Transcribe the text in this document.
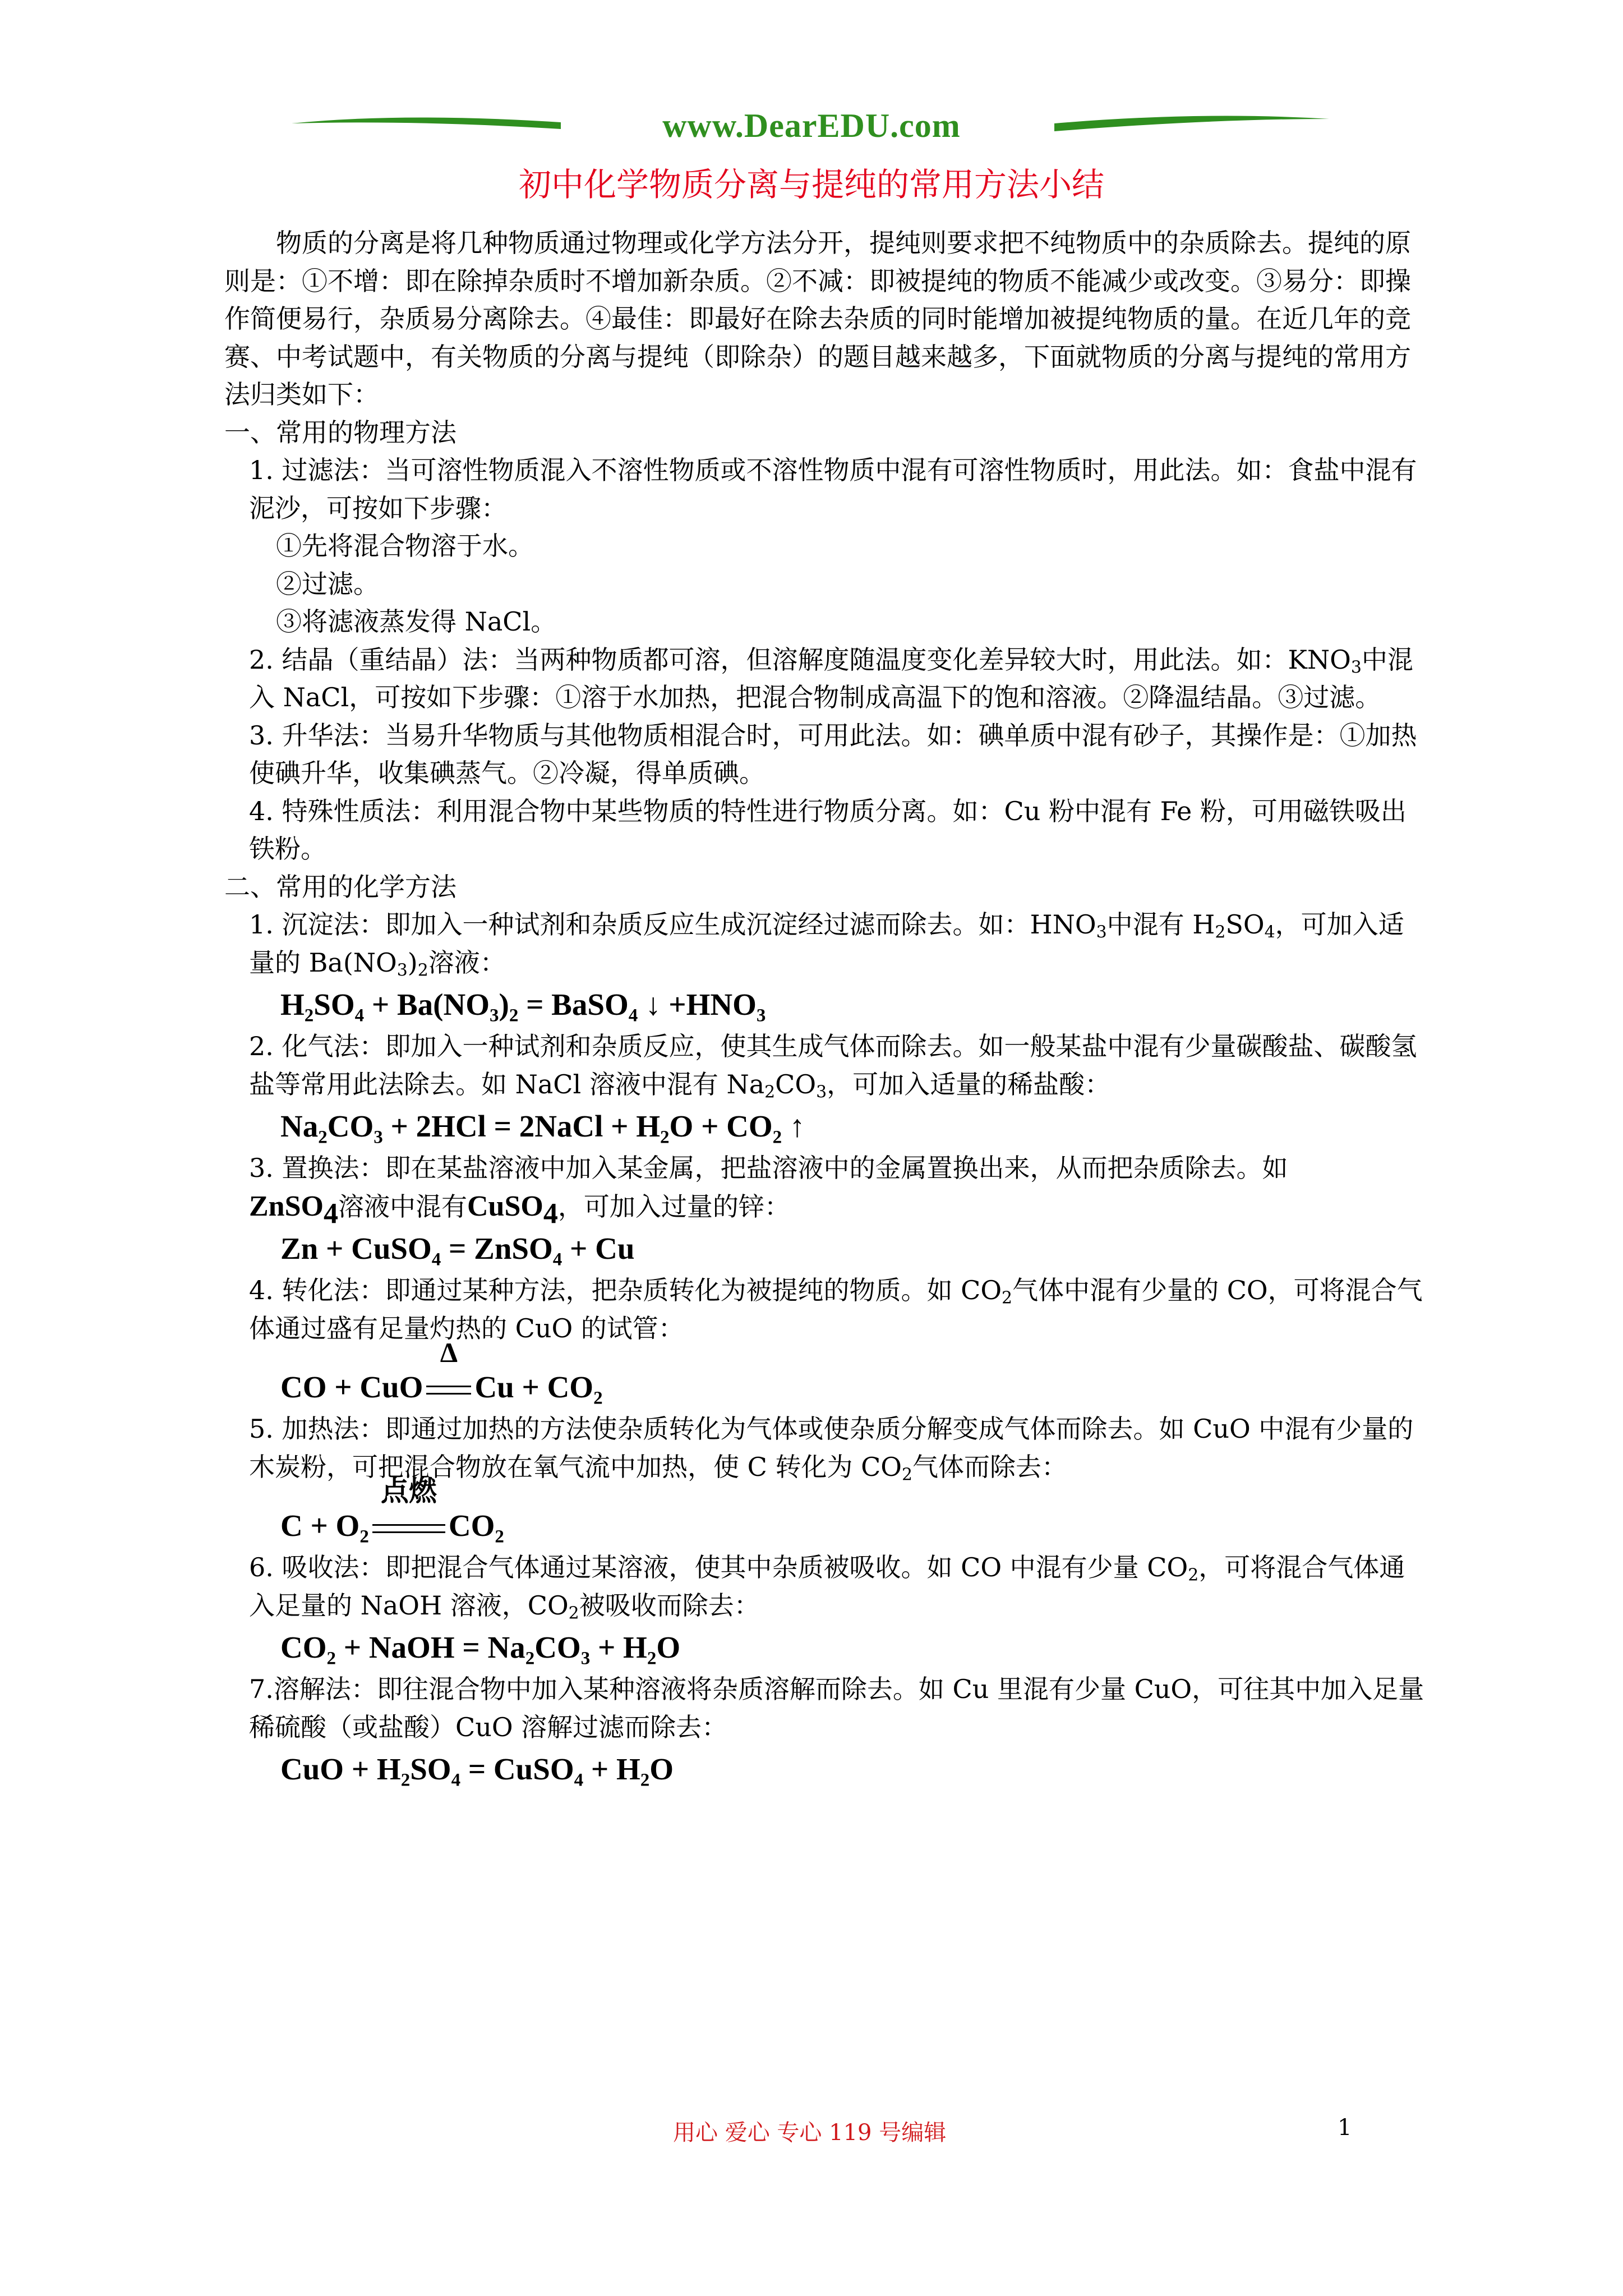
www.DearEDU.com
初中化学物质分离与提纯的常用方法小结

物质的分离是将几种物质通过物理或化学方法分开，提纯则要求把不纯物质中的杂质除去。提纯的原则是：①不增：即在除掉杂质时不增加新杂质。②不减：即被提纯的物质不能减少或改变。③易分：即操作简便易行，杂质易分离除去。④最佳：即最好在除去杂质的同时能增加被提纯物质的量。在近几年的竞赛、中考试题中，有关物质的分离与提纯（即除杂）的题目越来越多，下面就物质的分离与提纯的常用方法归类如下：

一、常用的物理方法

1. 过滤法：当可溶性物质混入不溶性物质或不溶性物质中混有可溶性物质时，用此法。如：食盐中混有泥沙，可按如下步骤：

①先将混合物溶于水。

②过滤。

③将滤液蒸发得 NaCl。

2. 结晶（重结晶）法：当两种物质都可溶，但溶解度随温度变化差异较大时，用此法。如：$KNO_3$中混入 NaCl，可按如下步骤：①溶于水加热，把混合物制成高温下的饱和溶液。②降温结晶。③过滤。

3. 升华法：当易升华物质与其他物质相混合时，可用此法。如：碘单质中混有砂子，其操作是：①加热使碘升华，收集碘蒸气。②冷凝，得单质碘。

4. 特殊性质法：利用混合物中某些物质的特性进行物质分离。如：Cu 粉中混有 Fe 粉，可用磁铁吸出铁粉。

二、常用的化学方法

1. 沉淀法：即加入一种试剂和杂质反应生成沉淀经过滤而除去。如：$HNO_3$中混有 $H_2SO_4$，可加入适量的 $Ba(NO_3)_2$溶液：

$H_2SO_4 + Ba(NO_3)_2$ = BaSO$_4$ ↓ $+HNO_3$

2. 化气法：即加入一种试剂和杂质反应，使其生成气体而除去。如一般某盐中混有少量碳酸盐、碳酸氢盐等常用此法除去。如 NaCl 溶液中混有 $Na_2CO_3$，可加入适量的稀盐酸：

$Na_2CO_3 + 2HCl$ = 2NaCl + $H_2O + CO_2$ ↑

3. 置换法：即在某盐溶液中加入某金属，把盐溶液中的金属置换出来，从而把杂质除去。如
ZnSO4溶液中混有CuSO4，可加入过量的锌：

Zn + CuSO$_4$ = ZnSO$_4$ + Cu

4. 转化法：即通过某种方法，把杂质转化为被提纯的物质。如 $CO_2$气体中混有少量的 CO，可将混合气体通过盛有足量灼热的 CuO 的试管：

CO + CuO
Δ
$Cu + CO_2$

5. 加热法：即通过加热的方法使杂质转化为气体或使杂质分解变成气体而除去。如 CuO 中混有少量的木炭粉，可把混合物放在氧气流中加热，使 C 转化为 $CO_2$气体而除去：

$C + O_2$
点燃
$CO_2$

6. 吸收法：即把混合气体通过某溶液，使其中杂质被吸收。如 CO 中混有少量 $CO_2$，可将混合气体通入足量的 NaOH 溶液，$CO_2$被吸收而除去：

$CO_2$ + NaOH = $Na_2CO_3 + H_2O$

7.溶解法：即往混合物中加入某种溶液将杂质溶解而除去。如 Cu 里混有少量 CuO，可往其中加入足量稀硫酸（或盐酸）CuO 溶解过滤而除去：

CuO + $H_2SO_4$ = CuSO$_4$ + $H_2O$
用心 爱心 专心 119 号编辑	1
